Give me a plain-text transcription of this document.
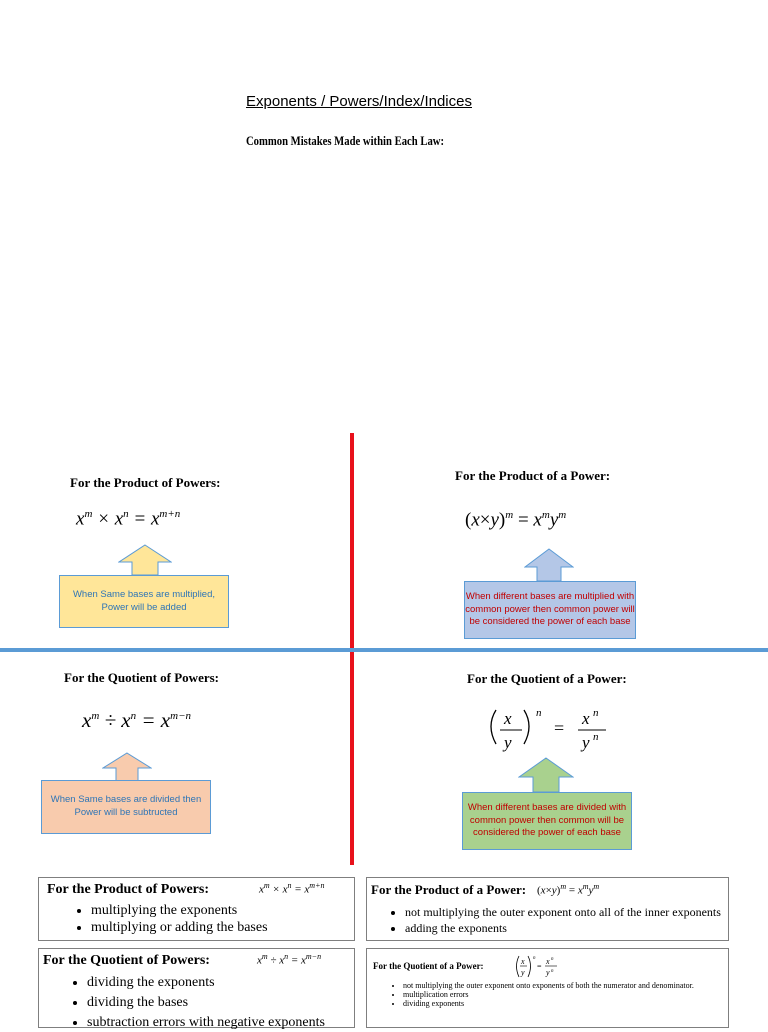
Exponents / Powers/Index/Indices
Common Mistakes Made within Each Law:
For the Product of Powers:
$x^m \times x^n = x^{m+n}$
When Same bases are multiplied, Power will be added
For the Product of a Power:
$(x\times y)^m = x^my^m$
When different bases are multiplied with common power then common power will be considered the power of each base
For the Quotient of Powers:
$x^m \div x^n = x^{m-n}$
When Same bases are divided then Power will be subtructed
For the Quotient of a Power:
x
y
n
= x n
y n
When different bases are divided with common power then common will be considered the power of each base
For the Product of Powers:	$x^m \times x^n = x^{m+n}$
• multiplying the exponents
• multiplying or adding the bases
For the Product of a Power: $(x\times y)^m = x^my^m$
• not multiplying the outer exponent onto all of the inner exponents
• adding the exponents
For the Quotient of Powers:	$x^m \div x^n = x^{m-n}$
• dividing the exponents
• dividing the bases
• subtraction errors with negative exponents
For the Quotient of a Power:	x
y
n
=
x n
y n
• not multiplying the outer exponent onto exponents of both the numerator and denominator.
• multiplication errors
• dividing exponents
